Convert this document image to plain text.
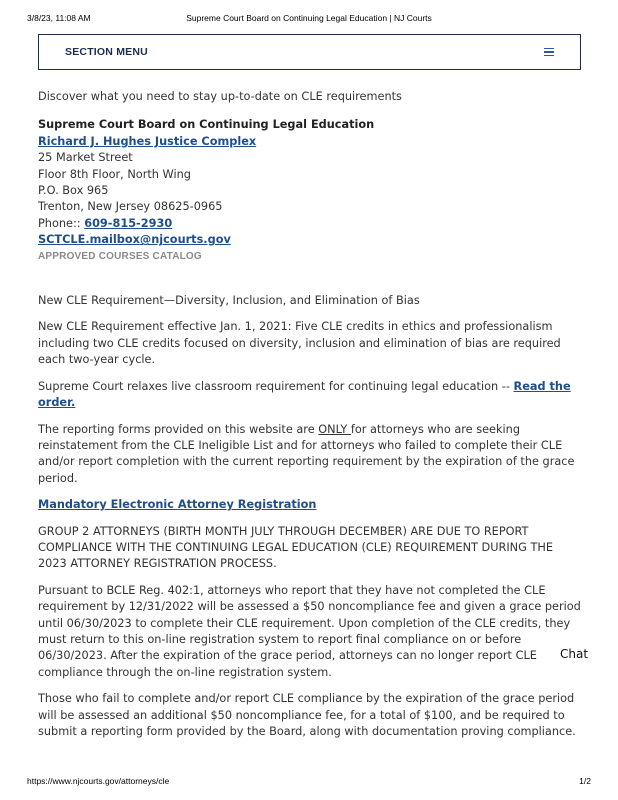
3/8/23, 11:08 AM	Supreme Court Board on Continuing Legal Education | NJ Courts
SECTION MENU

Discover what you need to stay up-to-date on CLE requirements

Supreme Court Board on Continuing Legal Education

Richard J. Hughes Justice Complex

25 Market Street

Floor 8th Floor, North Wing

P.O. Box 965

Trenton, New Jersey 08625-0965

Phone:: 609-815-2930

SCTCLE.mailbox@njcourts.gov

APPROVED COURSES CATALOG

New CLE Requirement—Diversity, Inclusion, and Elimination of Bias

New CLE Requirement effective Jan. 1, 2021: Five CLE credits in ethics and professionalism including two CLE credits focused on diversity, inclusion and elimination of bias are required each two-year cycle.

Supreme Court relaxes live classroom requirement for continuing legal education -- Read the order.

The reporting forms provided on this website are ONLY for attorneys who are seeking reinstatement from the CLE Ineligible List and for attorneys who failed to complete their CLE and/or report completion with the current reporting requirement by the expiration of the grace period.

Mandatory Electronic Attorney Registration

GROUP 2 ATTORNEYS (BIRTH MONTH JULY THROUGH DECEMBER) ARE DUE TO REPORT COMPLIANCE WITH THE CONTINUING LEGAL EDUCATION (CLE) REQUIREMENT DURING THE 2023 ATTORNEY REGISTRATION PROCESS.

Pursuant to BCLE Reg. 402:1, attorneys who report that they have not completed the CLE requirement by 12/31/2022 will be assessed a $50 noncompliance fee and given a grace period until 06/30/2023 to complete their CLE requirement. Upon completion of the CLE credits, they must return to this on-line registration system to report final compliance on or before 06/30/2023. After the expiration of the grace period, attorneys can no longer report CLE compliance through the on-line registration system.

Those who fail to complete and/or report CLE compliance by the expiration of the grace period will be assessed an additional $50 noncompliance fee, for a total of $100, and be required to submit a reporting form provided by the Board, along with documentation proving compliance.

Chat
https://www.njcourts.gov/attorneys/cle	1/2
